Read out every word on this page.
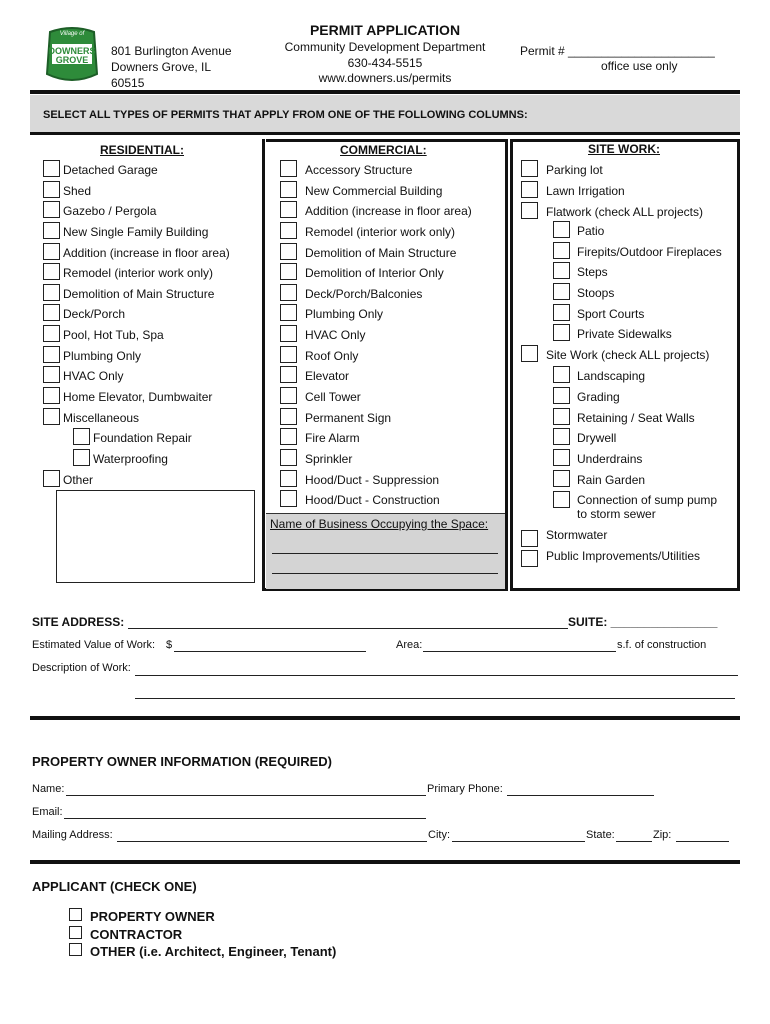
Village of
DOWNERS
GROVE
801 Burlington Avenue
Downers Grove, IL
60515
PERMIT APPLICATION
Community Development Department
630-434-5515
www.downers.us/permits
Permit # ______________________
office use only
SELECT ALL TYPES OF PERMITS THAT APPLY FROM ONE OF THE FOLLOWING COLUMNS:
RESIDENTIAL:
Detached Garage
Shed
Gazebo / Pergola
New Single Family Building
Addition (increase in floor area)
Remodel (interior work only)
Demolition of Main Structure
Deck/Porch
Pool, Hot Tub, Spa
Plumbing Only
HVAC Only
Home Elevator, Dumbwaiter
Miscellaneous
Foundation Repair
Waterproofing
Other
COMMERCIAL:
Accessory Structure
New Commercial Building
Addition (increase in floor area)
Remodel (interior work only)
Demolition of Main Structure
Demolition of Interior Only
Deck/Porch/Balconies
Plumbing Only
HVAC Only
Roof Only
Elevator
Cell Tower
Permanent Sign
Fire Alarm
Sprinkler
Hood/Duct - Suppression
Hood/Duct - Construction
Name of Business Occupying the Space:
SITE WORK:
Parking lot
Lawn Irrigation
Flatwork (check ALL projects)
Patio
Firepits/Outdoor Fireplaces
Steps
Stoops
Sport Courts
Private Sidewalks
Site Work (check ALL projects)
Landscaping
Grading
Retaining / Seat Walls
Drywell
Underdrains
Rain Garden
Connection of sump pump
to storm sewer
Stormwater
Public Improvements/Utilities
SITE ADDRESS:	SUITE: ________________
Estimated Value of Work: $	Area:	s.f. of construction
Description of Work:
PROPERTY OWNER INFORMATION (REQUIRED)
Name:	Primary Phone:
Email:
Mailing Address:	City:	State:	Zip:
APPLICANT (CHECK ONE)
PROPERTY OWNER
CONTRACTOR
OTHER (i.e. Architect, Engineer, Tenant)
